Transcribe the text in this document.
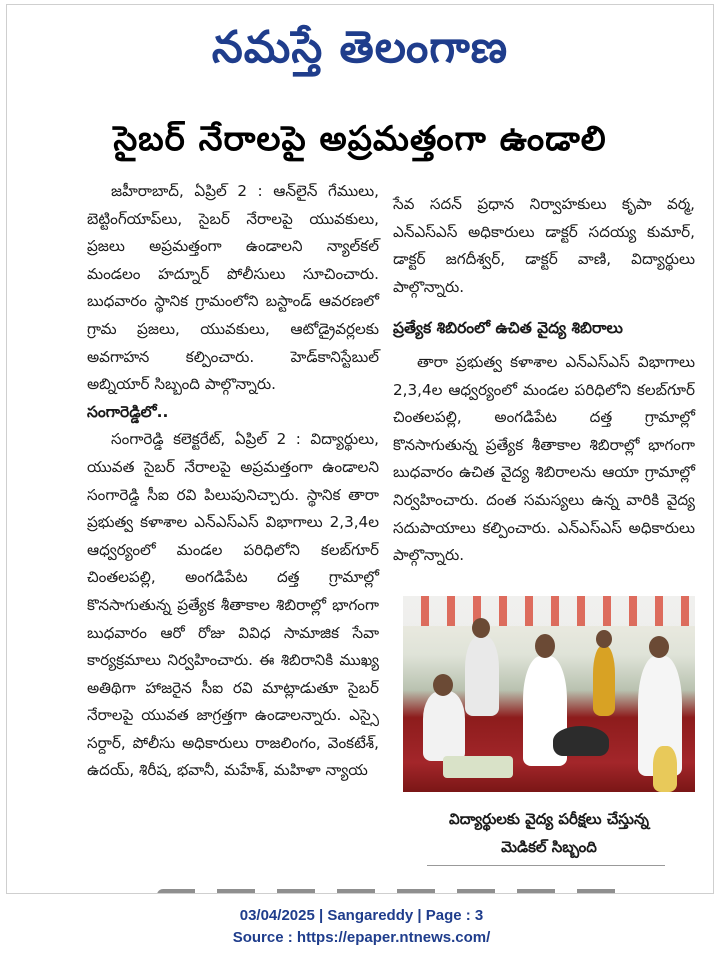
నమస్తే తెలంగాణ
సైబర్ నేరాలపై అప్రమత్తంగా ఉండాలి

జహీరాబాద్, ఏప్రిల్ 2 : ఆన్‌లైన్ గేములు, బెట్టింగ్‌యాప్‌లు, సైబర్ నేరాలపై యువకులు, ప్రజలు అప్రమత్తంగా ఉండాలని న్యాల్‌కల్ మండలం హద్నూర్ పోలీసులు సూచించారు. బుధవారం స్థానిక గ్రామంలోని బస్టాండ్ ఆవరణలో గ్రామ ప్రజలు, యువకులు, ఆటోడ్రైవర్లలకు అవగాహన కల్పించారు. హెడ్‌కానిస్టేబుల్ అబ్నియార్ సిబ్బంది పాల్గొన్నారు.

సంగారెడ్డిలో..

సంగారెడ్డి కలెక్టరేట్, ఏప్రిల్ 2 : విద్యార్థులు, యువత సైబర్ నేరాలపై అప్రమత్తంగా ఉండాలని సంగారెడ్డి సీఐ రవి పిలుపునిచ్చారు. స్థానిక తారా ప్రభుత్వ కళాశాల ఎన్ఎస్ఎస్ విభాగాలు 2,3,4ల ఆధ్వర్యంలో మండల పరిధిలోని కలబ్‌గూర్ చింతలపల్లి, అంగడిపేట దత్త గ్రామాల్లో కొనసాగుతున్న ప్రత్యేక శీతాకాల శిబిరాల్లో భాగంగా బుధవారం ఆరో రోజు వివిధ సామాజిక సేవా కార్యక్రమాలు నిర్వహించారు. ఈ శిబిరానికి ముఖ్య అతిథిగా హాజరైన సీఐ రవి మాట్లాడుతూ సైబర్ నేరాలపై యువత జాగ్రత్తగా ఉండాలన్నారు. ఎస్సై సర్దార్, పోలీసు అధికారులు రాజలింగం, వెంకటేశ్, ఉదయ్, శిరీష, భవానీ, మహేశ్, మహిళా న్యాయ

సేవ సదన్ ప్రధాన నిర్వాహకులు కృపా వర్మ, ఎన్ఎస్ఎస్ అధికారులు డాక్టర్ సదయ్య కుమార్, డాక్టర్ జగదీశ్వర్, డాక్టర్ వాణి, విద్యార్థులు పాల్గొన్నారు.

ప్రత్యేక శిబిరంలో ఉచిత వైద్య శిబిరాలు

తారా ప్రభుత్వ కళాశాల ఎన్ఎస్ఎస్ విభాగాలు 2,3,4ల ఆధ్వర్యంలో మండల పరిధిలోని కలబ్‌గూర్ చింతలపల్లి, అంగడిపేట దత్త గ్రామాల్లో కొనసాగుతున్న ప్రత్యేక శీతాకాల శిబిరాల్లో భాగంగా బుధవారం ఉచిత వైద్య శిబిరాలను ఆయా గ్రామాల్లో నిర్వహించారు. దంత సమస్యలు ఉన్న వారికి వైద్య సదుపాయాలు కల్పించారు. ఎన్ఎస్ఎస్ అధికారులు పాల్గొన్నారు.

విద్యార్థులకు వైద్య పరీక్షలు చేస్తున్న
మెడికల్ సిబ్బంది
03/04/2025 | Sangareddy | Page : 3
Source : https://epaper.ntnews.com/
